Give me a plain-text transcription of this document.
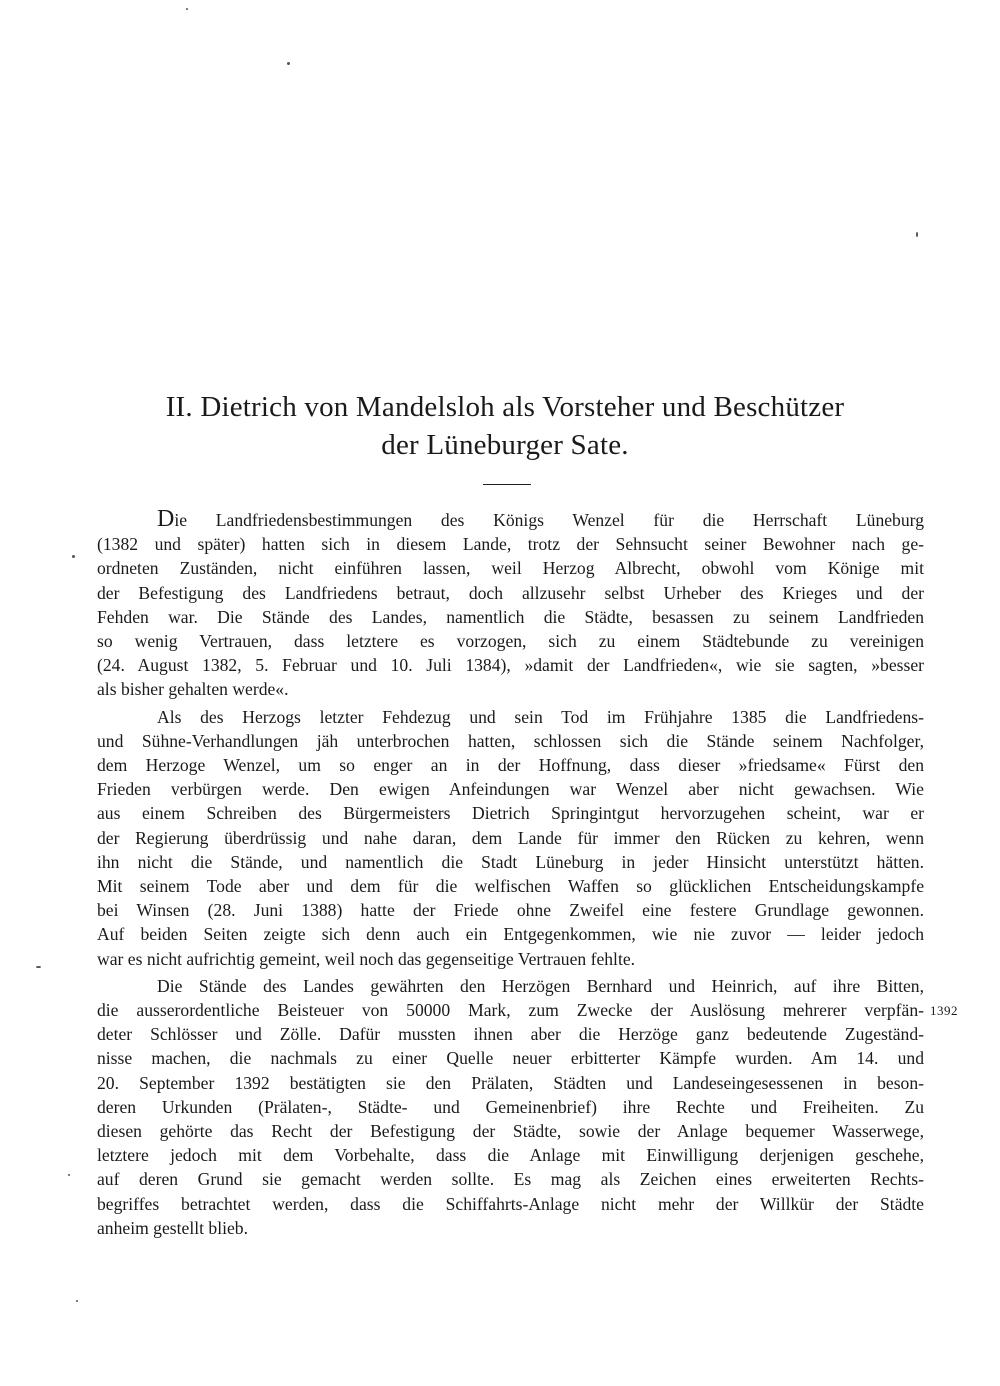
II. Dietrich von Mandelsloh als Vorsteher und Beschützer
der Lüneburger Sate.

Die Landfriedensbestimmungen des Königs Wenzel für die Herrschaft Lüneburg
(1382 und später) hatten sich in diesem Lande, trotz der Sehnsucht seiner Bewohner nach ge-
ordneten Zuständen, nicht einführen lassen, weil Herzog Albrecht, obwohl vom Könige mit
der Befestigung des Landfriedens betraut, doch allzusehr selbst Urheber des Krieges und der
Fehden war. Die Stände des Landes, namentlich die Städte, besassen zu seinem Landfrieden
so wenig Vertrauen, dass letztere es vorzogen, sich zu einem Städtebunde zu vereinigen
(24. August 1382, 5. Februar und 10. Juli 1384), »damit der Landfrieden«, wie sie sagten, »besser
als bisher gehalten werde«.

Als des Herzogs letzter Fehdezug und sein Tod im Frühjahre 1385 die Landfriedens-
und Sühne-Verhandlungen jäh unterbrochen hatten, schlossen sich die Stände seinem Nachfolger,
dem Herzoge Wenzel, um so enger an in der Hoffnung, dass dieser »friedsame« Fürst den
Frieden verbürgen werde. Den ewigen Anfeindungen war Wenzel aber nicht gewachsen. Wie
aus einem Schreiben des Bürgermeisters Dietrich Springintgut hervorzugehen scheint, war er
der Regierung überdrüssig und nahe daran, dem Lande für immer den Rücken zu kehren, wenn
ihn nicht die Stände, und namentlich die Stadt Lüneburg in jeder Hinsicht unterstützt hätten.
Mit seinem Tode aber und dem für die welfischen Waffen so glücklichen Entscheidungskampfe
bei Winsen (28. Juni 1388) hatte der Friede ohne Zweifel eine festere Grundlage gewonnen.
Auf beiden Seiten zeigte sich denn auch ein Entgegenkommen, wie nie zuvor — leider jedoch
war es nicht aufrichtig gemeint, weil noch das gegenseitige Vertrauen fehlte.

Die Stände des Landes gewährten den Herzögen Bernhard und Heinrich, auf ihre Bitten,
die ausserordentliche Beisteuer von 50000 Mark, zum Zwecke der Auslösung mehrerer verpfän-
deter Schlösser und Zölle. Dafür mussten ihnen aber die Herzöge ganz bedeutende Zugeständ-
nisse machen, die nachmals zu einer Quelle neuer erbitterter Kämpfe wurden. Am 14. und
20. September 1392 bestätigten sie den Prälaten, Städten und Landeseingesessenen in beson-
deren Urkunden (Prälaten-, Städte- und Gemeinenbrief) ihre Rechte und Freiheiten. Zu
diesen gehörte das Recht der Befestigung der Städte, sowie der Anlage bequemer Wasserwege,
letztere jedoch mit dem Vorbehalte, dass die Anlage mit Einwilligung derjenigen geschehe,
auf deren Grund sie gemacht werden sollte. Es mag als Zeichen eines erweiterten Rechts-
begriffes betrachtet werden, dass die Schiffahrts-Anlage nicht mehr der Willkür der Städte
anheim gestellt blieb.

1392
